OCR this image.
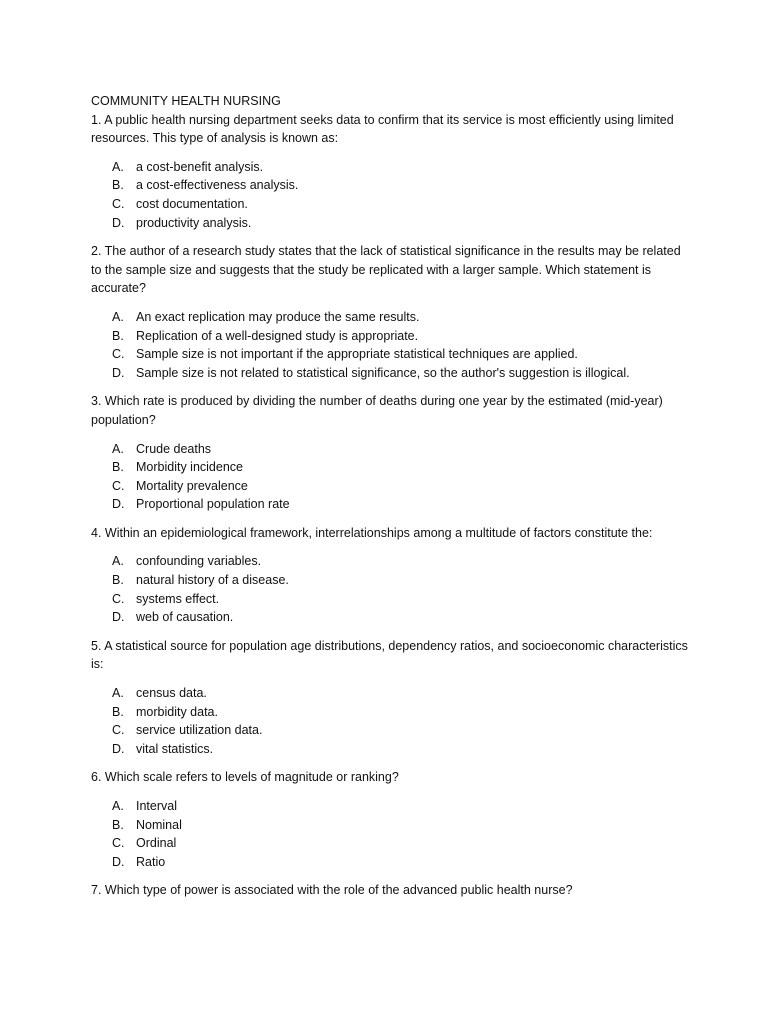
COMMUNITY HEALTH NURSING

1. A public health nursing department seeks data to confirm that its service is most efficiently using limited resources. This type of analysis is known as:

A. a cost-benefit analysis.
B. a cost-effectiveness analysis.
C. cost documentation.
D. productivity analysis.

2. The author of a research study states that the lack of statistical significance in the results may be related to the sample size and suggests that the study be replicated with a larger sample. Which statement is accurate?

A. An exact replication may produce the same results.
B. Replication of a well-designed study is appropriate.
C. Sample size is not important if the appropriate statistical techniques are applied.
D. Sample size is not related to statistical significance, so the author's suggestion is illogical.

3. Which rate is produced by dividing the number of deaths during one year by the estimated (mid-year) population?

A. Crude deaths
B. Morbidity incidence
C. Mortality prevalence
D. Proportional population rate

4. Within an epidemiological framework, interrelationships among a multitude of factors constitute the:

A. confounding variables.
B. natural history of a disease.
C. systems effect.
D. web of causation.

5. A statistical source for population age distributions, dependency ratios, and socioeconomic characteristics is:

A. census data.
B. morbidity data.
C. service utilization data.
D. vital statistics.

6. Which scale refers to levels of magnitude or ranking?

A. Interval
B. Nominal
C. Ordinal
D. Ratio

7. Which type of power is associated with the role of the advanced public health nurse?
